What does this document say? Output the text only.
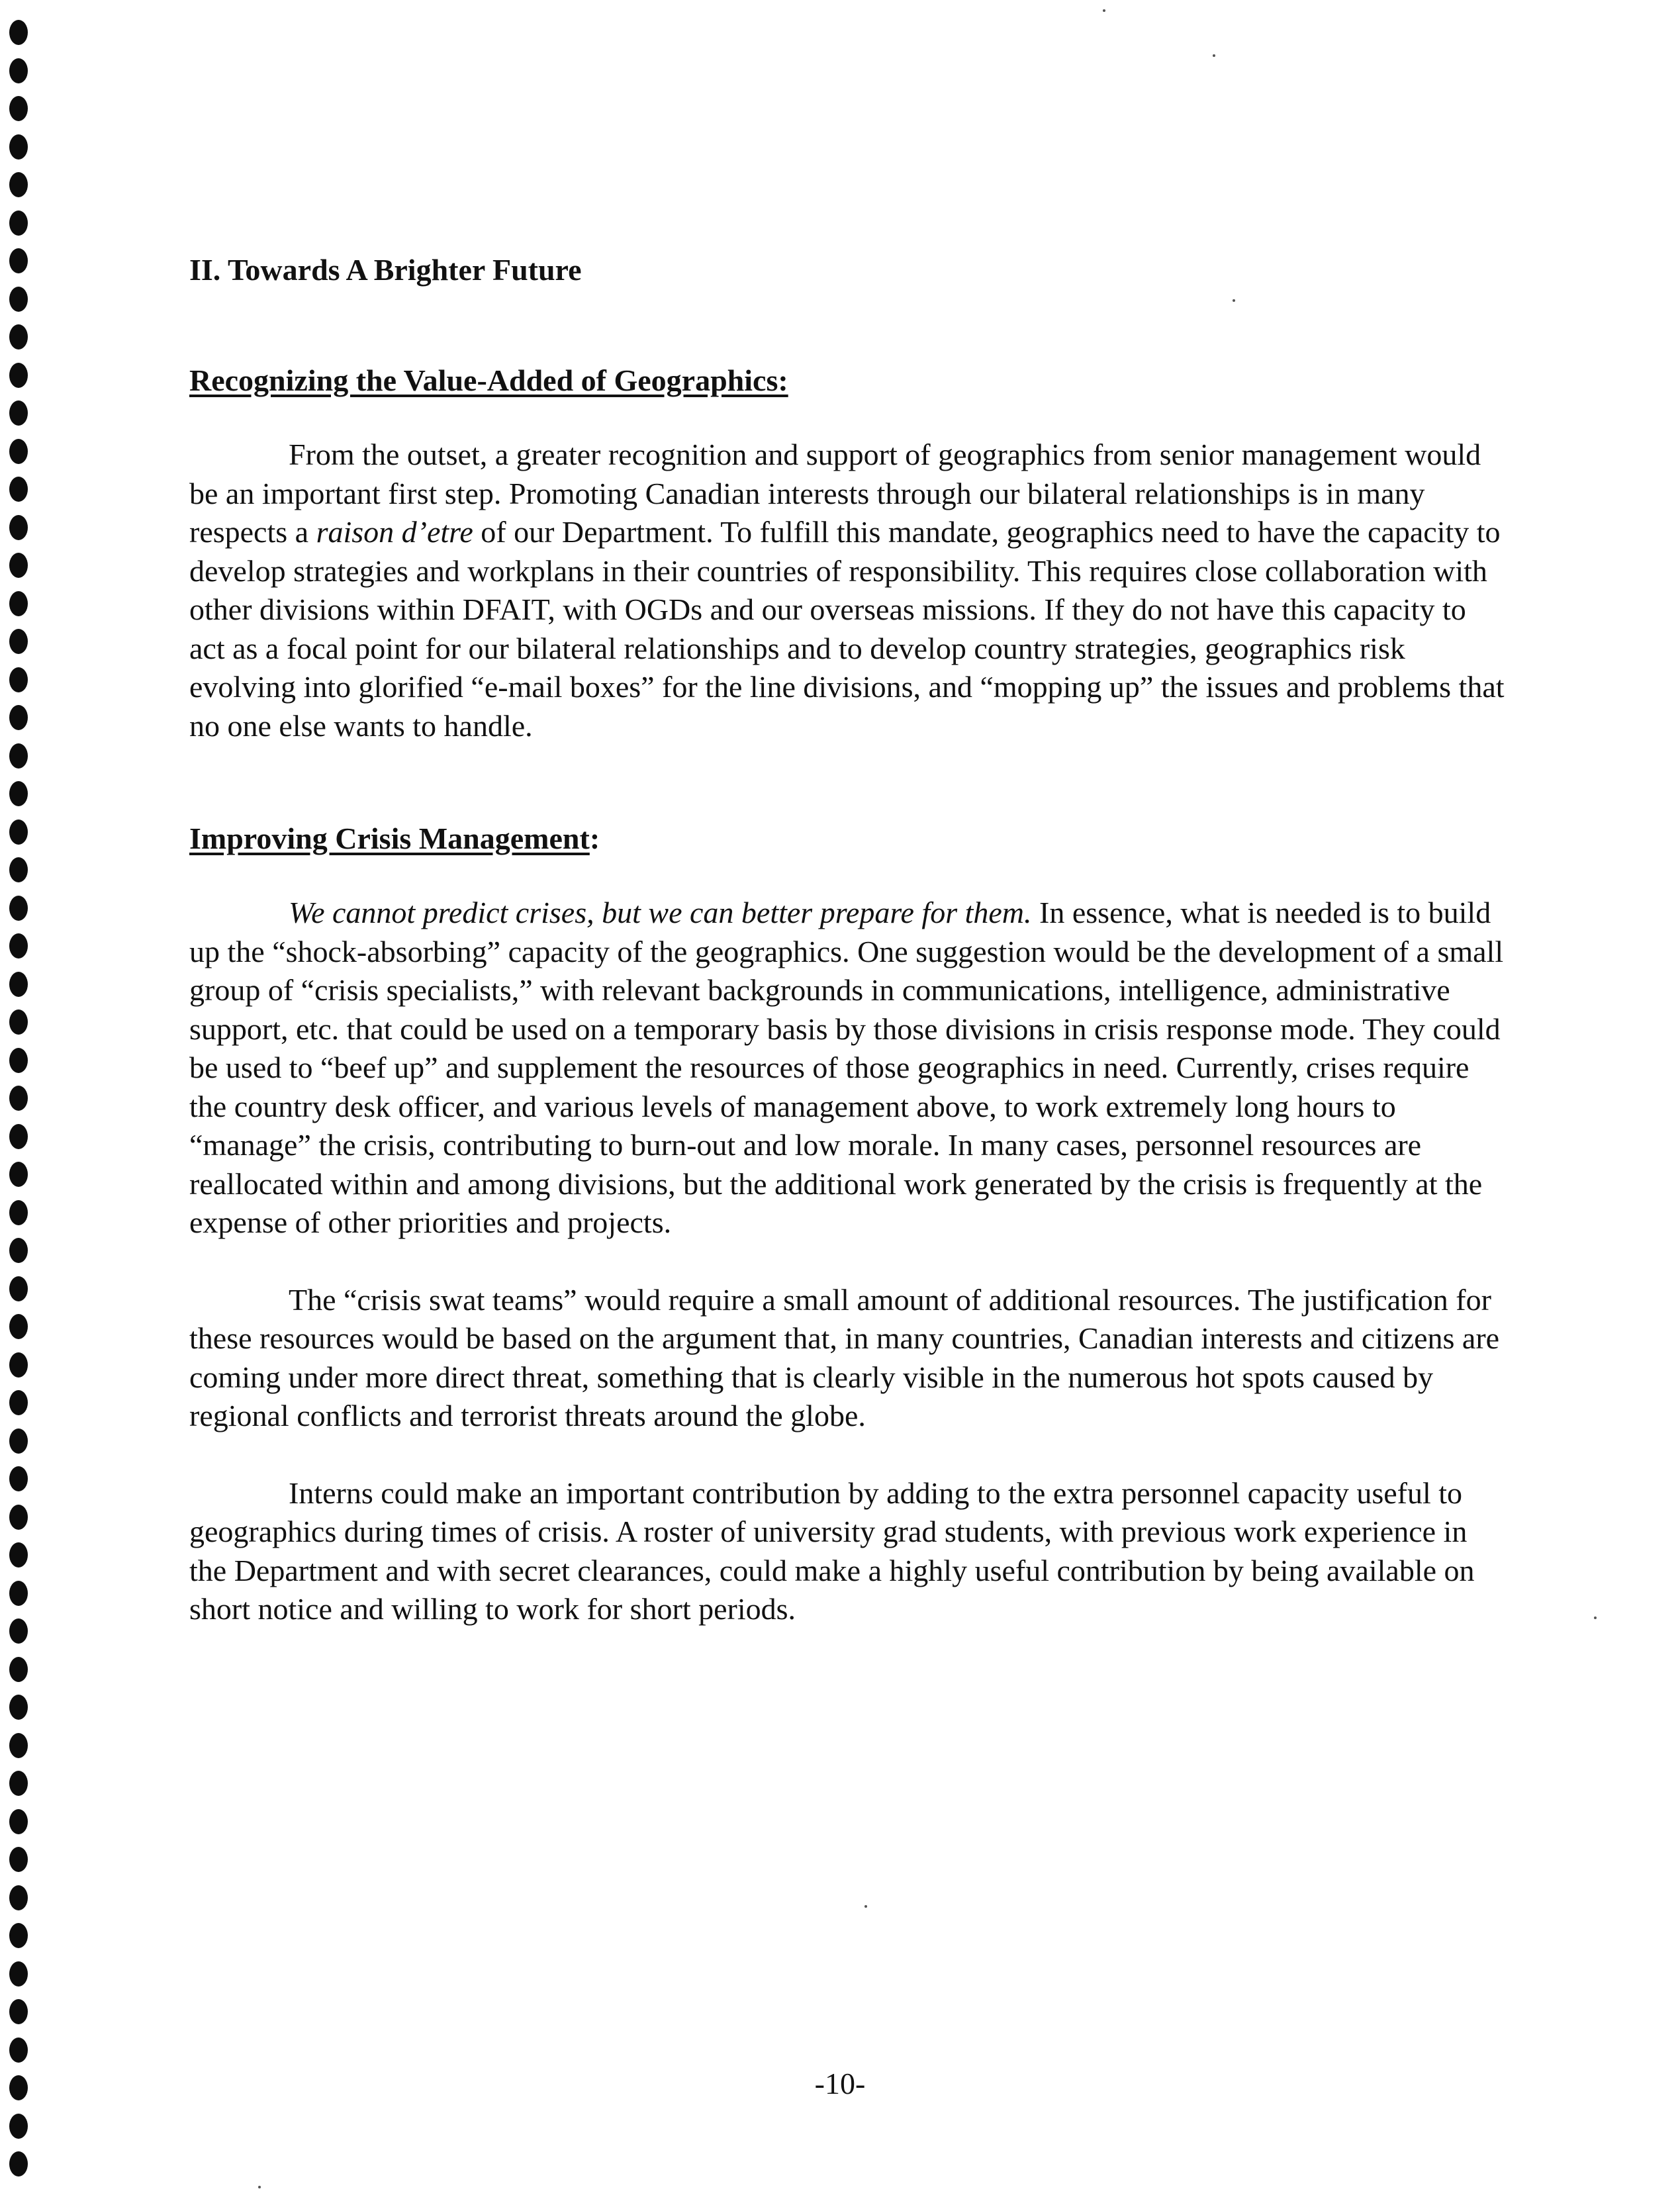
II. Towards A Brighter Future
Recognizing the Value-Added of Geographics:

From the outset, a greater recognition and support of geographics from senior management would be an important first step. Promoting Canadian interests through our bilateral relationships is in many respects a raison d’etre of our Department. To fulfill this mandate, geographics need to have the capacity to develop strategies and workplans in their countries of responsibility. This requires close collaboration with other divisions within DFAIT, with OGDs and our overseas missions. If they do not have this capacity to act as a focal point for our bilateral relationships and to develop country strategies, geographics risk evolving into glorified “e-mail boxes” for the line divisions, and “mopping up” the issues and problems that no one else wants to handle.

Improving Crisis Management:

We cannot predict crises, but we can better prepare for them. In essence, what is needed is to build up the “shock-absorbing” capacity of the geographics. One suggestion would be the development of a small group of “crisis specialists,” with relevant backgrounds in communications, intelligence, administrative support, etc. that could be used on a temporary basis by those divisions in crisis response mode. They could be used to “beef up” and supplement the resources of those geographics in need. Currently, crises require the country desk officer, and various levels of management above, to work extremely long hours to “manage” the crisis, contributing to burn-out and low morale. In many cases, personnel resources are reallocated within and among divisions, but the additional work generated by the crisis is frequently at the expense of other priorities and projects.

The “crisis swat teams” would require a small amount of additional resources. The justification for these resources would be based on the argument that, in many countries, Canadian interests and citizens are coming under more direct threat, something that is clearly visible in the numerous hot spots caused by regional conflicts and terrorist threats around the globe.

Interns could make an important contribution by adding to the extra personnel capacity useful to geographics during times of crisis. A roster of university grad students, with previous work experience in the Department and with secret clearances, could make a highly useful contribution by being available on short notice and willing to work for short periods.

-10-
